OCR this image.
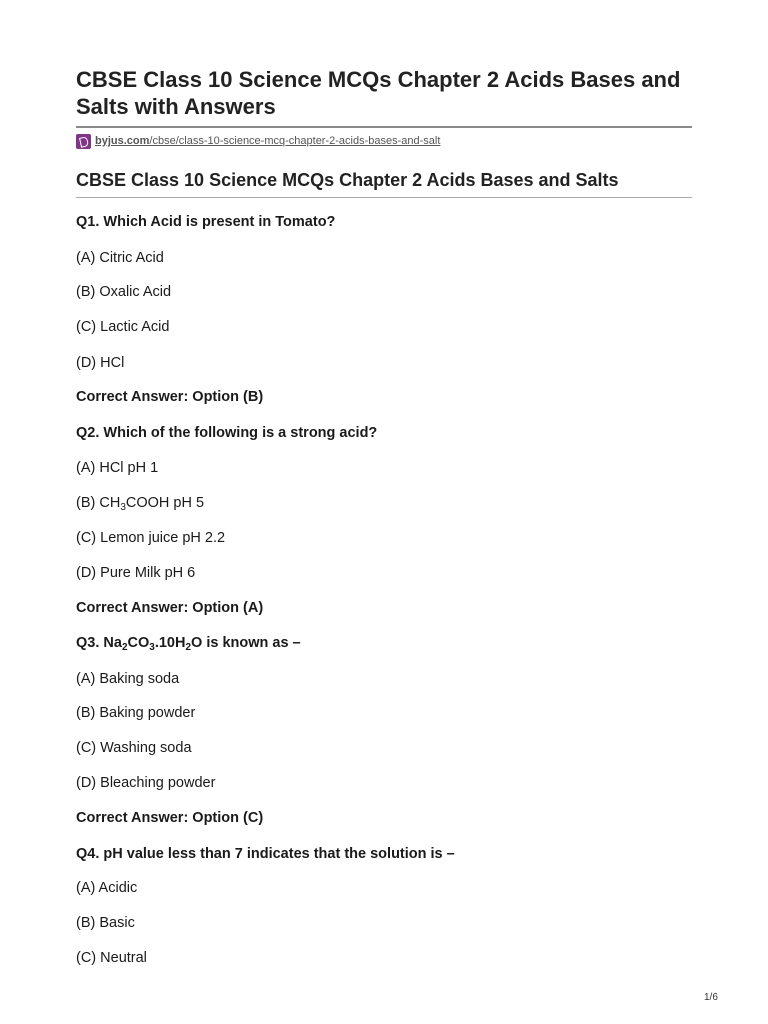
CBSE Class 10 Science MCQs Chapter 2 Acids Bases and Salts with Answers
byjus.com/cbse/class-10-science-mcq-chapter-2-acids-bases-and-salt
CBSE Class 10 Science MCQs Chapter 2 Acids Bases and Salts
Q1. Which Acid is present in Tomato?
(A) Citric Acid
(B) Oxalic Acid
(C) Lactic Acid
(D) HCl
Correct Answer: Option (B)
Q2. Which of the following is a strong acid?
(A) HCl pH 1
(B) $CH_3COOH$ pH 5
(C) Lemon juice pH 2.2
(D) Pure Milk pH 6
Correct Answer: Option (A)
Q3. $Na_2CO_3.10H_2O$ is known as –
(A) Baking soda
(B) Baking powder
(C) Washing soda
(D) Bleaching powder
Correct Answer: Option (C)
Q4. pH value less than 7 indicates that the solution is –
(A) Acidic
(B) Basic
(C) Neutral
1/6
